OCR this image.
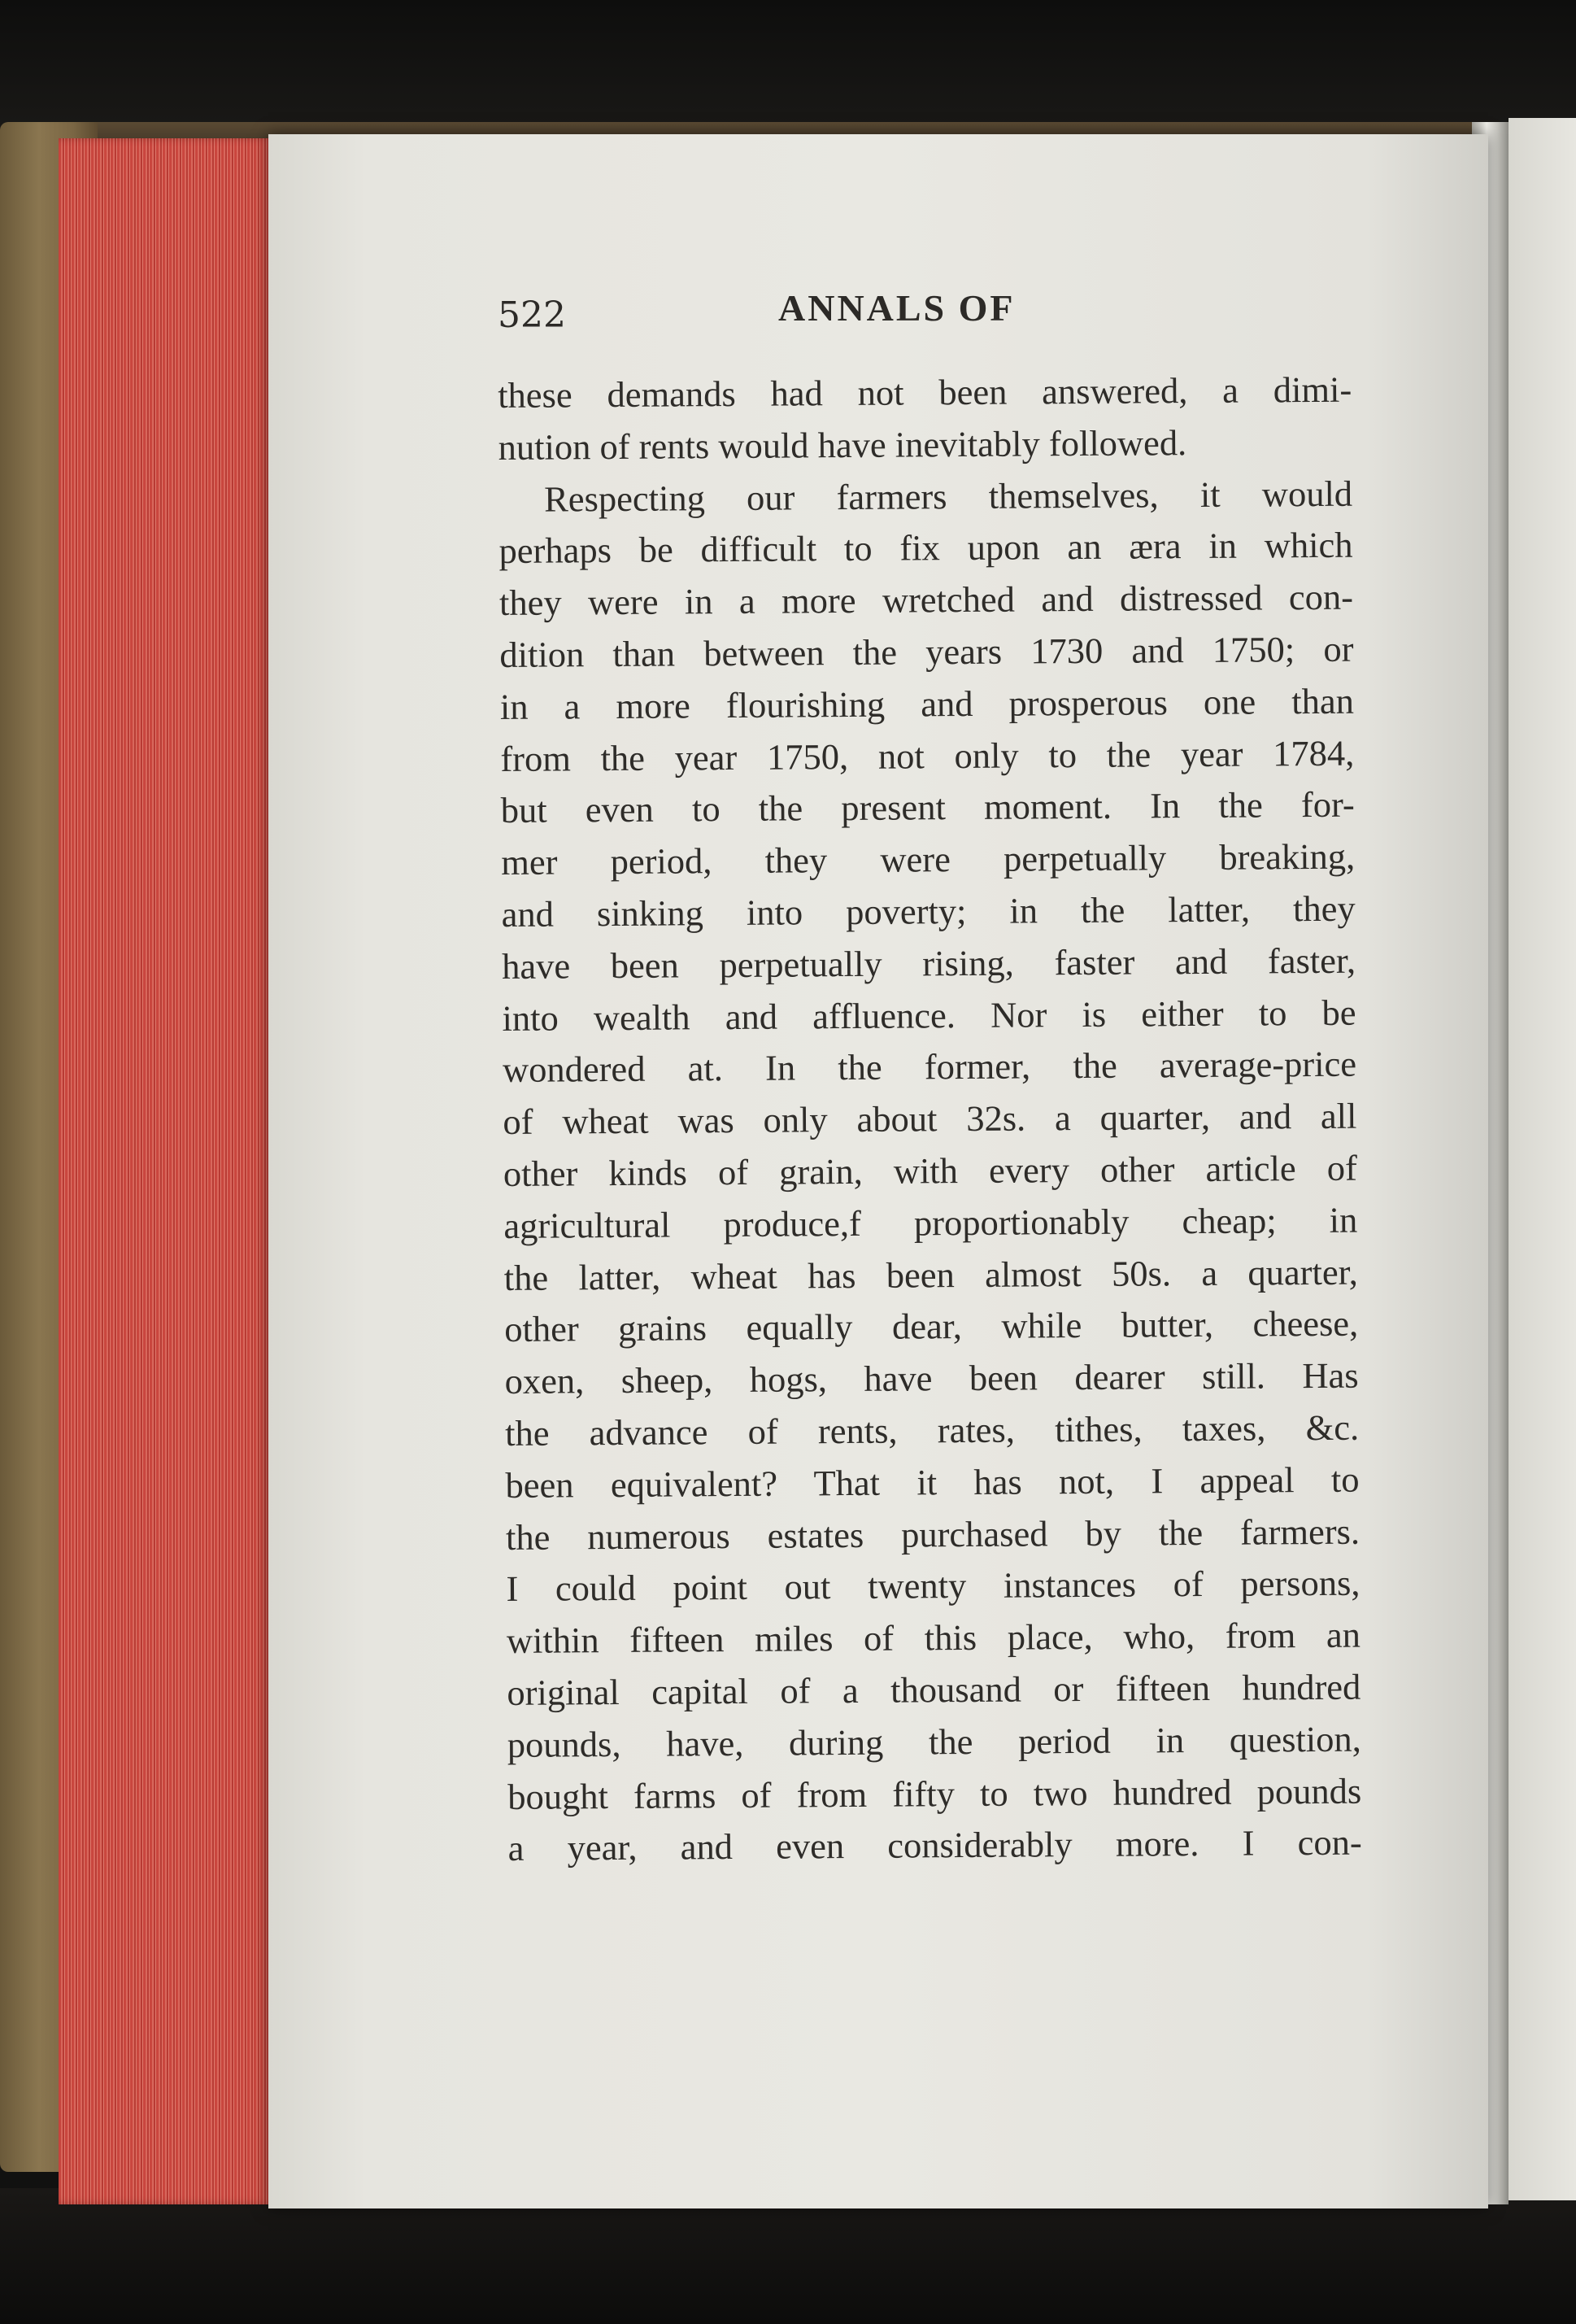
522	ANNALS OF
these demands had not been answered, a dimi-
nution of rents would have inevitably followed.
Respecting our farmers themselves, it would
perhaps be difficult to fix upon an æra in which
they were in a more wretched and distressed con-
dition than between the years 1730 and 1750; or
in a more flourishing and prosperous one than
from the year 1750, not only to the year 1784,
but even to the present moment. In the for-
mer period, they were perpetually breaking,
and sinking into poverty; in the latter, they
have been perpetually rising, faster and faster,
into wealth and affluence. Nor is either to be
wondered at. In the former, the average-price
of wheat was only about 32s. a quarter, and all
other kinds of grain, with every other article of
agricultural produce,f proportionably cheap; in
the latter, wheat has been almost 50s. a quarter,
other grains equally dear, while butter, cheese,
oxen, sheep, hogs, have been dearer still. Has
the advance of rents, rates, tithes, taxes, &c.
been equivalent? That it has not, I appeal to
the numerous estates purchased by the farmers.
I could point out twenty instances of persons,
within fifteen miles of this place, who, from an
original capital of a thousand or fifteen hundred
pounds, have, during the period in question,
bought farms of from fifty to two hundred pounds
a year, and even considerably more. I con-
